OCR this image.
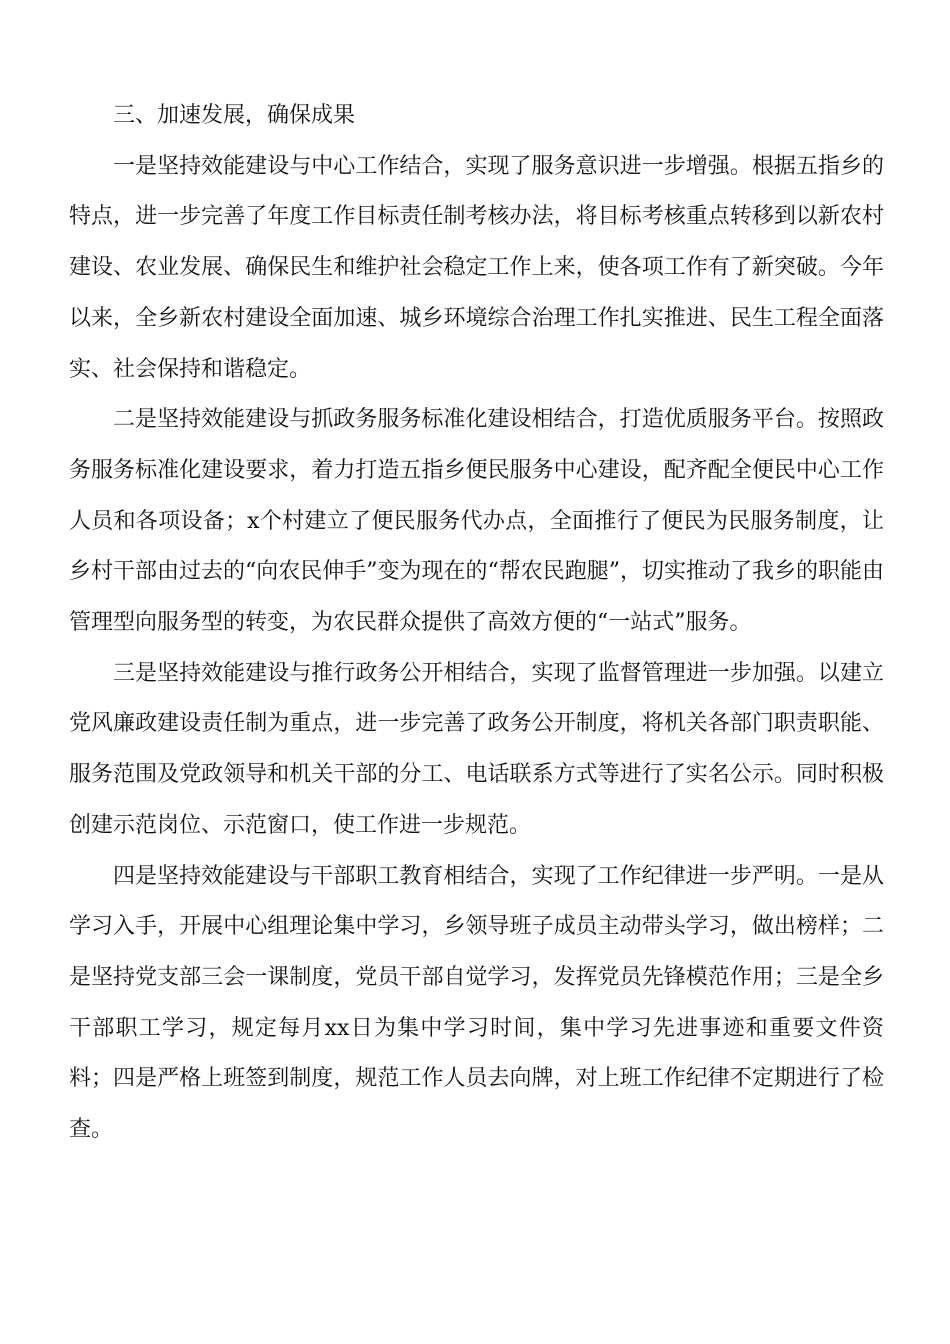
三、加速发展，确保成果

一是坚持效能建设与中心工作结合，实现了服务意识进一步增强。根据五指乡的特点，进一步完善了年度工作目标责任制考核办法，将目标考核重点转移到以新农村建设、农业发展、确保民生和维护社会稳定工作上来，使各项工作有了新突破。今年以来，全乡新农村建设全面加速、城乡环境综合治理工作扎实推进、民生工程全面落实、社会保持和谐稳定。

二是坚持效能建设与抓政务服务标准化建设相结合，打造优质服务平台。按照政务服务标准化建设要求，着力打造五指乡便民服务中心建设，配齐配全便民中心工作人员和各项设备；x个村建立了便民服务代办点，全面推行了便民为民服务制度，让乡村干部由过去的“向农民伸手”变为现在的“帮农民跑腿”，切实推动了我乡的职能由管理型向服务型的转变，为农民群众提供了高效方便的“一站式”服务。

三是坚持效能建设与推行政务公开相结合，实现了监督管理进一步加强。以建立党风廉政建设责任制为重点，进一步完善了政务公开制度，将机关各部门职责职能、服务范围及党政领导和机关干部的分工、电话联系方式等进行了实名公示。同时积极创建示范岗位、示范窗口，使工作进一步规范。

四是坚持效能建设与干部职工教育相结合，实现了工作纪律进一步严明。一是从学习入手，开展中心组理论集中学习，乡领导班子成员主动带头学习，做出榜样；二是坚持党支部三会一课制度，党员干部自觉学习，发挥党员先锋模范作用；三是全乡干部职工学习，规定每月xx日为集中学习时间，集中学习先进事迹和重要文件资料；四是严格上班签到制度，规范工作人员去向牌，对上班工作纪律不定期进行了检查。
